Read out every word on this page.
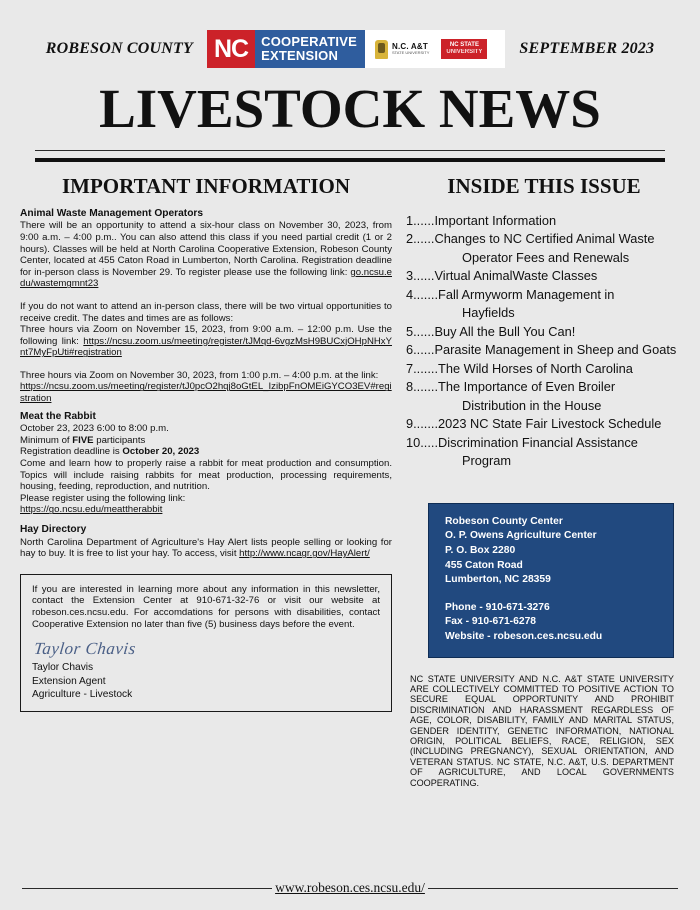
ROBESON COUNTY NC	COOPERATIVE
EXTENSION
N.C. A&T
STATE UNIVERSITY
NC STATE
UNIVERSITY SEPTEMBER 2023
LIVESTOCK NEWS
IMPORTANT INFORMATION
Animal Waste Management Operators
There will be an opportunity to attend a six-hour class on November 30, 2023, from 9:00 a.m. – 4:00 p.m.. You can also attend this class if you need partial credit (1 or 2 hours). Classes will be held at North Carolina Cooperative Extension, Robeson County Center, located at 455 Caton Road in Lumberton, North Carolina. Registration deadline for in-person class is November 29. To register please use the following link: go.ncsu.edu/wastemgmnt23
If you do not want to attend an in-person class, there will be two virtual opportunities to receive credit. The dates and times are as follows:
Three hours via Zoom on November 15, 2023, from 9:00 a.m. – 12:00 p.m. Use the following link: https://ncsu.zoom.us/meeting/register/tJMqd-6vgzMsH9BUCxjOHpNHxYnt7MyFpUti#registration
Three hours via Zoom on November 30, 2023, from 1:00 p.m. – 4:00 p.m. at the link:
https://ncsu.zoom.us/meeting/register/tJ0pcO2hqj8oGtEL_IzibpFnOMEiGYCO3EV#registration
Meat the Rabbit
October 23, 2023 6:00 to 8:00 p.m.
Minimum of FIVE participants
Registration deadline is October 20, 2023
Come and learn how to properly raise a rabbit for meat production and consumption. Topics will include raising rabbits for meat production, processing requirements, housing, feeding, reproduction, and nutrition.
Please register using the following link:
https://go.ncsu.edu/meattherabbit
Hay Directory
North Carolina Department of Agriculture's Hay Alert lists people selling or looking for hay to buy. It is free to list your hay. To access, visit http://www.ncagr.gov/HayAlert/
If you are interested in learning more about any information in this newsletter, contact the Extension Center at 910-671-32-76 or visit our website at robeson.ces.ncsu.edu. For accomdations for persons with disabilities, contact Cooperative Extension no later than five (5) business days before the event.
Taylor Chavis
Taylor Chavis
Extension Agent
Agriculture - Livestock
INSIDE THIS ISSUE
1......Important Information
2......Changes to NC Certified Animal Waste
Operator Fees and Renewals
3......Virtual AnimalWaste Classes
4.......Fall Armyworm Management in
Hayfields
5......Buy All the Bull You Can!
6......Parasite Management in Sheep and Goats
7.......The Wild Horses of North Carolina
8.......The Importance of Even Broiler
Distribution in the House
9.......2023 NC State Fair Livestock Schedule
10.....Discrimination Financial Assistance
Program
Robeson County Center
O. P. Owens Agriculture Center
P. O. Box 2280
455 Caton Road
Lumberton, NC 28359
Phone - 910-671-3276
Fax - 910-671-6278
Website - robeson.ces.ncsu.edu
NC STATE UNIVERSITY AND N.C. A&T STATE UNIVERSITY ARE COLLECTIVELY COMMITTED TO POSITIVE ACTION TO SECURE EQUAL OPPORTUNITY AND PROHIBIT DISCRIMINATION AND HARASSMENT REGARDLESS OF AGE, COLOR, DISABILITY, FAMILY AND MARITAL STATUS, GENDER IDENTITY, GENETIC INFORMATION, NATIONAL ORIGIN, POLITICAL BELIEFS, RACE, RELIGION, SEX (INCLUDING PREGNANCY), SEXUAL ORIENTATION, AND VETERAN STATUS. NC STATE, N.C. A&T, U.S. DEPARTMENT OF AGRICULTURE, AND LOCAL GOVERNMENTS COOPERATING.
www.robeson.ces.ncsu.edu/
